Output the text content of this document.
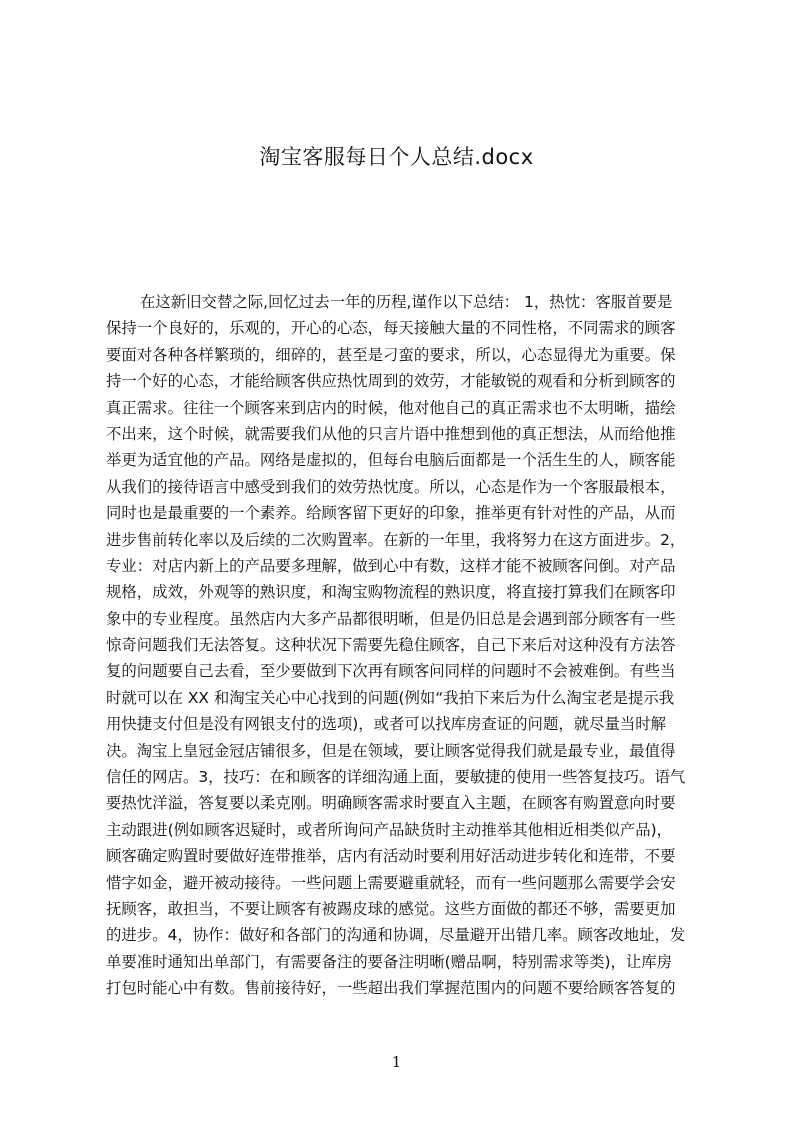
淘宝客服每日个人总结.docx
在这新旧交替之际,回忆过去一年的历程,谨作以下总结： 1，热忱：客服首要是
保持一个良好的，乐观的，开心的心态，每天接触大量的不同性格，不同需求的顾客
要面对各种各样繁琐的，细碎的，甚至是刁蛮的要求，所以，心态显得尤为重要。保
持一个好的心态，才能给顾客供应热忱周到的效劳，才能敏锐的观看和分析到顾客的
真正需求。往往一个顾客来到店内的时候，他对他自己的真正需求也不太明晰，描绘
不出来，这个时候，就需要我们从他的只言片语中推想到他的真正想法，从而给他推
举更为适宜他的产品。网络是虚拟的，但每台电脑后面都是一个活生生的人，顾客能
从我们的接待语言中感受到我们的效劳热忱度。所以，心态是作为一个客服最根本，
同时也是最重要的一个素养。给顾客留下更好的印象，推举更有针对性的产品，从而
进步售前转化率以及后续的二次购置率。在新的一年里，我将努力在这方面进步。2，
专业：对店内新上的产品要多理解，做到心中有数，这样才能不被顾客问倒。对产品
规格，成效，外观等的熟识度，和淘宝购物流程的熟识度，将直接打算我们在顾客印
象中的专业程度。虽然店内大多产品都很明晰，但是仍旧总是会遇到部分顾客有一些
惊奇问题我们无法答复。这种状况下需要先稳住顾客，自己下来后对这种没有方法答
复的问题要自己去看，至少要做到下次再有顾客问同样的问题时不会被难倒。有些当
时就可以在 XX 和淘宝关心中心找到的问题(例如“我拍下来后为什么淘宝老是提示我
用快捷支付但是没有网银支付的选项)，或者可以找库房查证的问题，就尽量当时解
决。淘宝上皇冠金冠店铺很多，但是在领域，要让顾客觉得我们就是最专业，最值得
信任的网店。3，技巧：在和顾客的详细沟通上面，要敏捷的使用一些答复技巧。语气
要热忱洋溢，答复要以柔克刚。明确顾客需求时要直入主题，在顾客有购置意向时要
主动跟进(例如顾客迟疑时，或者所询问产品缺货时主动推举其他相近相类似产品)，
顾客确定购置时要做好连带推举，店内有活动时要利用好活动进步转化和连带，不要
惜字如金，避开被动接待。一些问题上需要避重就轻，而有一些问题那么需要学会安
抚顾客，敢担当，不要让顾客有被踢皮球的感觉。这些方面做的都还不够，需要更加
的进步。4，协作：做好和各部门的沟通和协调，尽量避开出错几率。顾客改地址，发
单要准时通知出单部门，有需要备注的要备注明晰(赠品啊，特别需求等类)，让库房
打包时能心中有数。售前接待好，一些超出我们掌握范围内的问题不要给顾客答复的
1
